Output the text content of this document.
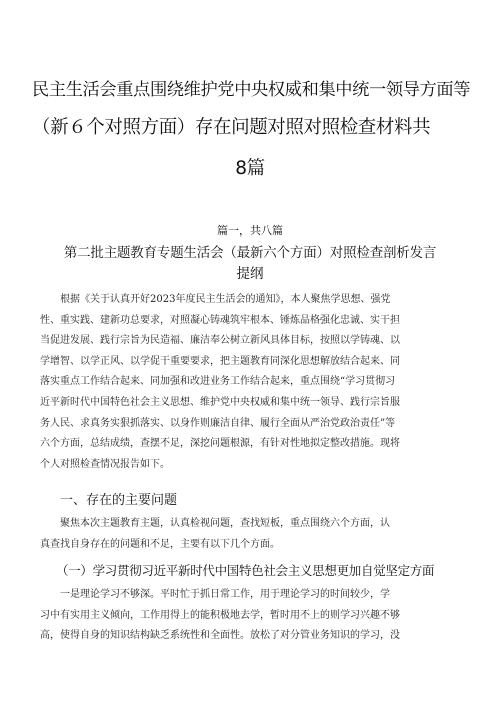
民主生活会重点围绕维护党中央权威和集中统一领导方面等
（新６个对照方面）存在问题对照对照检查材料共
8篇
篇一，共八篇
第二批主题教育专题生活会（最新六个方面）对照检查剖析发言
提纲
根据《关于认真开好2023年度民主生活会的通知》，本人聚焦学思想、强党
性、重实践、建新功总要求，对照凝心铸魂筑牢根本、锤炼品格强化忠诚、实干担
当促进发展、践行宗旨为民造福、廉洁奉公树立新风具体目标，按照以学铸魂、以
学增智、以学正风、以学促干重要要求，把主题教育同深化思想解放结合起来、同
落实重点工作结合起来、同加强和改进业务工作结合起来，重点围绕“学习贯彻习
近平新时代中国特色社会主义思想、维护党中央权威和集中统一领导、践行宗旨服
务人民、求真务实狠抓落实、以身作则廉洁自律、履行全面从严治党政治责任”等
六个方面，总结成绩，查摆不足，深挖问题根源，有针对性地拟定整改措施。现将
个人对照检查情况报告如下。
一、存在的主要问题
聚焦本次主题教育主题，认真检视问题，查找短板，重点围绕六个方面，认
真查找自身存在的问题和不足，主要有以下几个方面。
（一）学习贯彻习近平新时代中国特色社会主义思想更加自觉坚定方面
一是理论学习不够深。平时忙于抓日常工作，用于理论学习的时间较少，学
习中有实用主义倾向，工作用得上的能积极地去学，暂时用不上的则学习兴趣不够
高，使得自身的知识结构缺乏系统性和全面性。放松了对分管业务知识的学习，没
